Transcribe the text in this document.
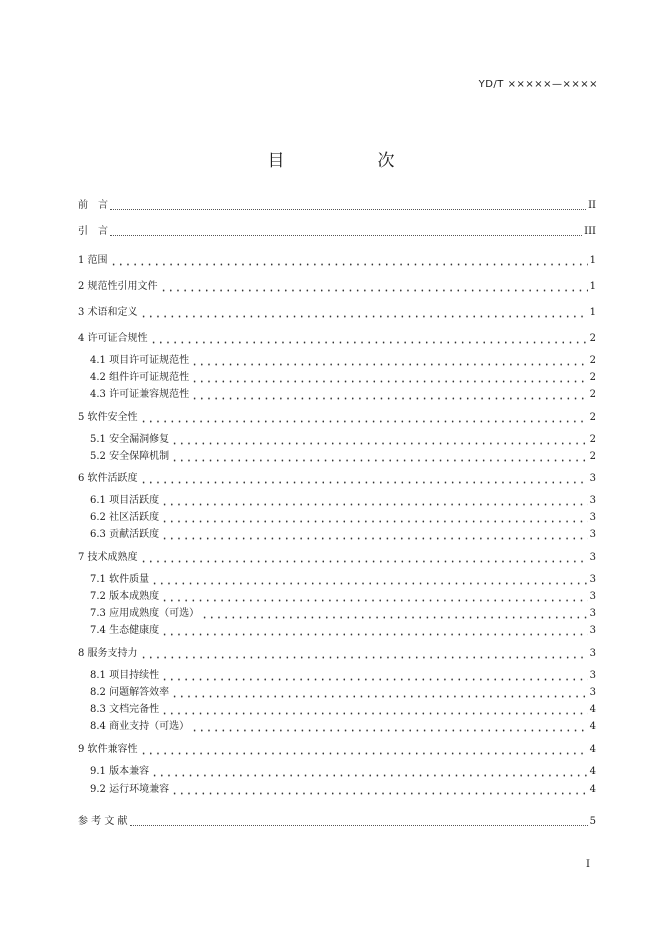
YD/T ×××××—××××
目　次
前　言	II
引　言	III
1 范围	1
2 规范性引用文件	1
3 术语和定义	1
4 许可证合规性	2
4.1 项目许可证规范性	2
4.2 组件许可证规范性	2
4.3 许可证兼容规范性	2
5 软件安全性	2
5.1 安全漏洞修复	2
5.2 安全保障机制	2
6 软件活跃度	3
6.1 项目活跃度	3
6.2 社区活跃度	3
6.3 贡献活跃度	3
7 技术成熟度	3
7.1 软件质量	3
7.2 版本成熟度	3
7.3 应用成熟度（可选）	3
7.4 生态健康度	3
8 服务支持力	3
8.1 项目持续性	3
8.2 问题解答效率	3
8.3 文档完备性	4
8.4 商业支持（可选）	4
9 软件兼容性	4
9.1 版本兼容	4
9.2 运行环境兼容	4
参 考 文 献	5
I
